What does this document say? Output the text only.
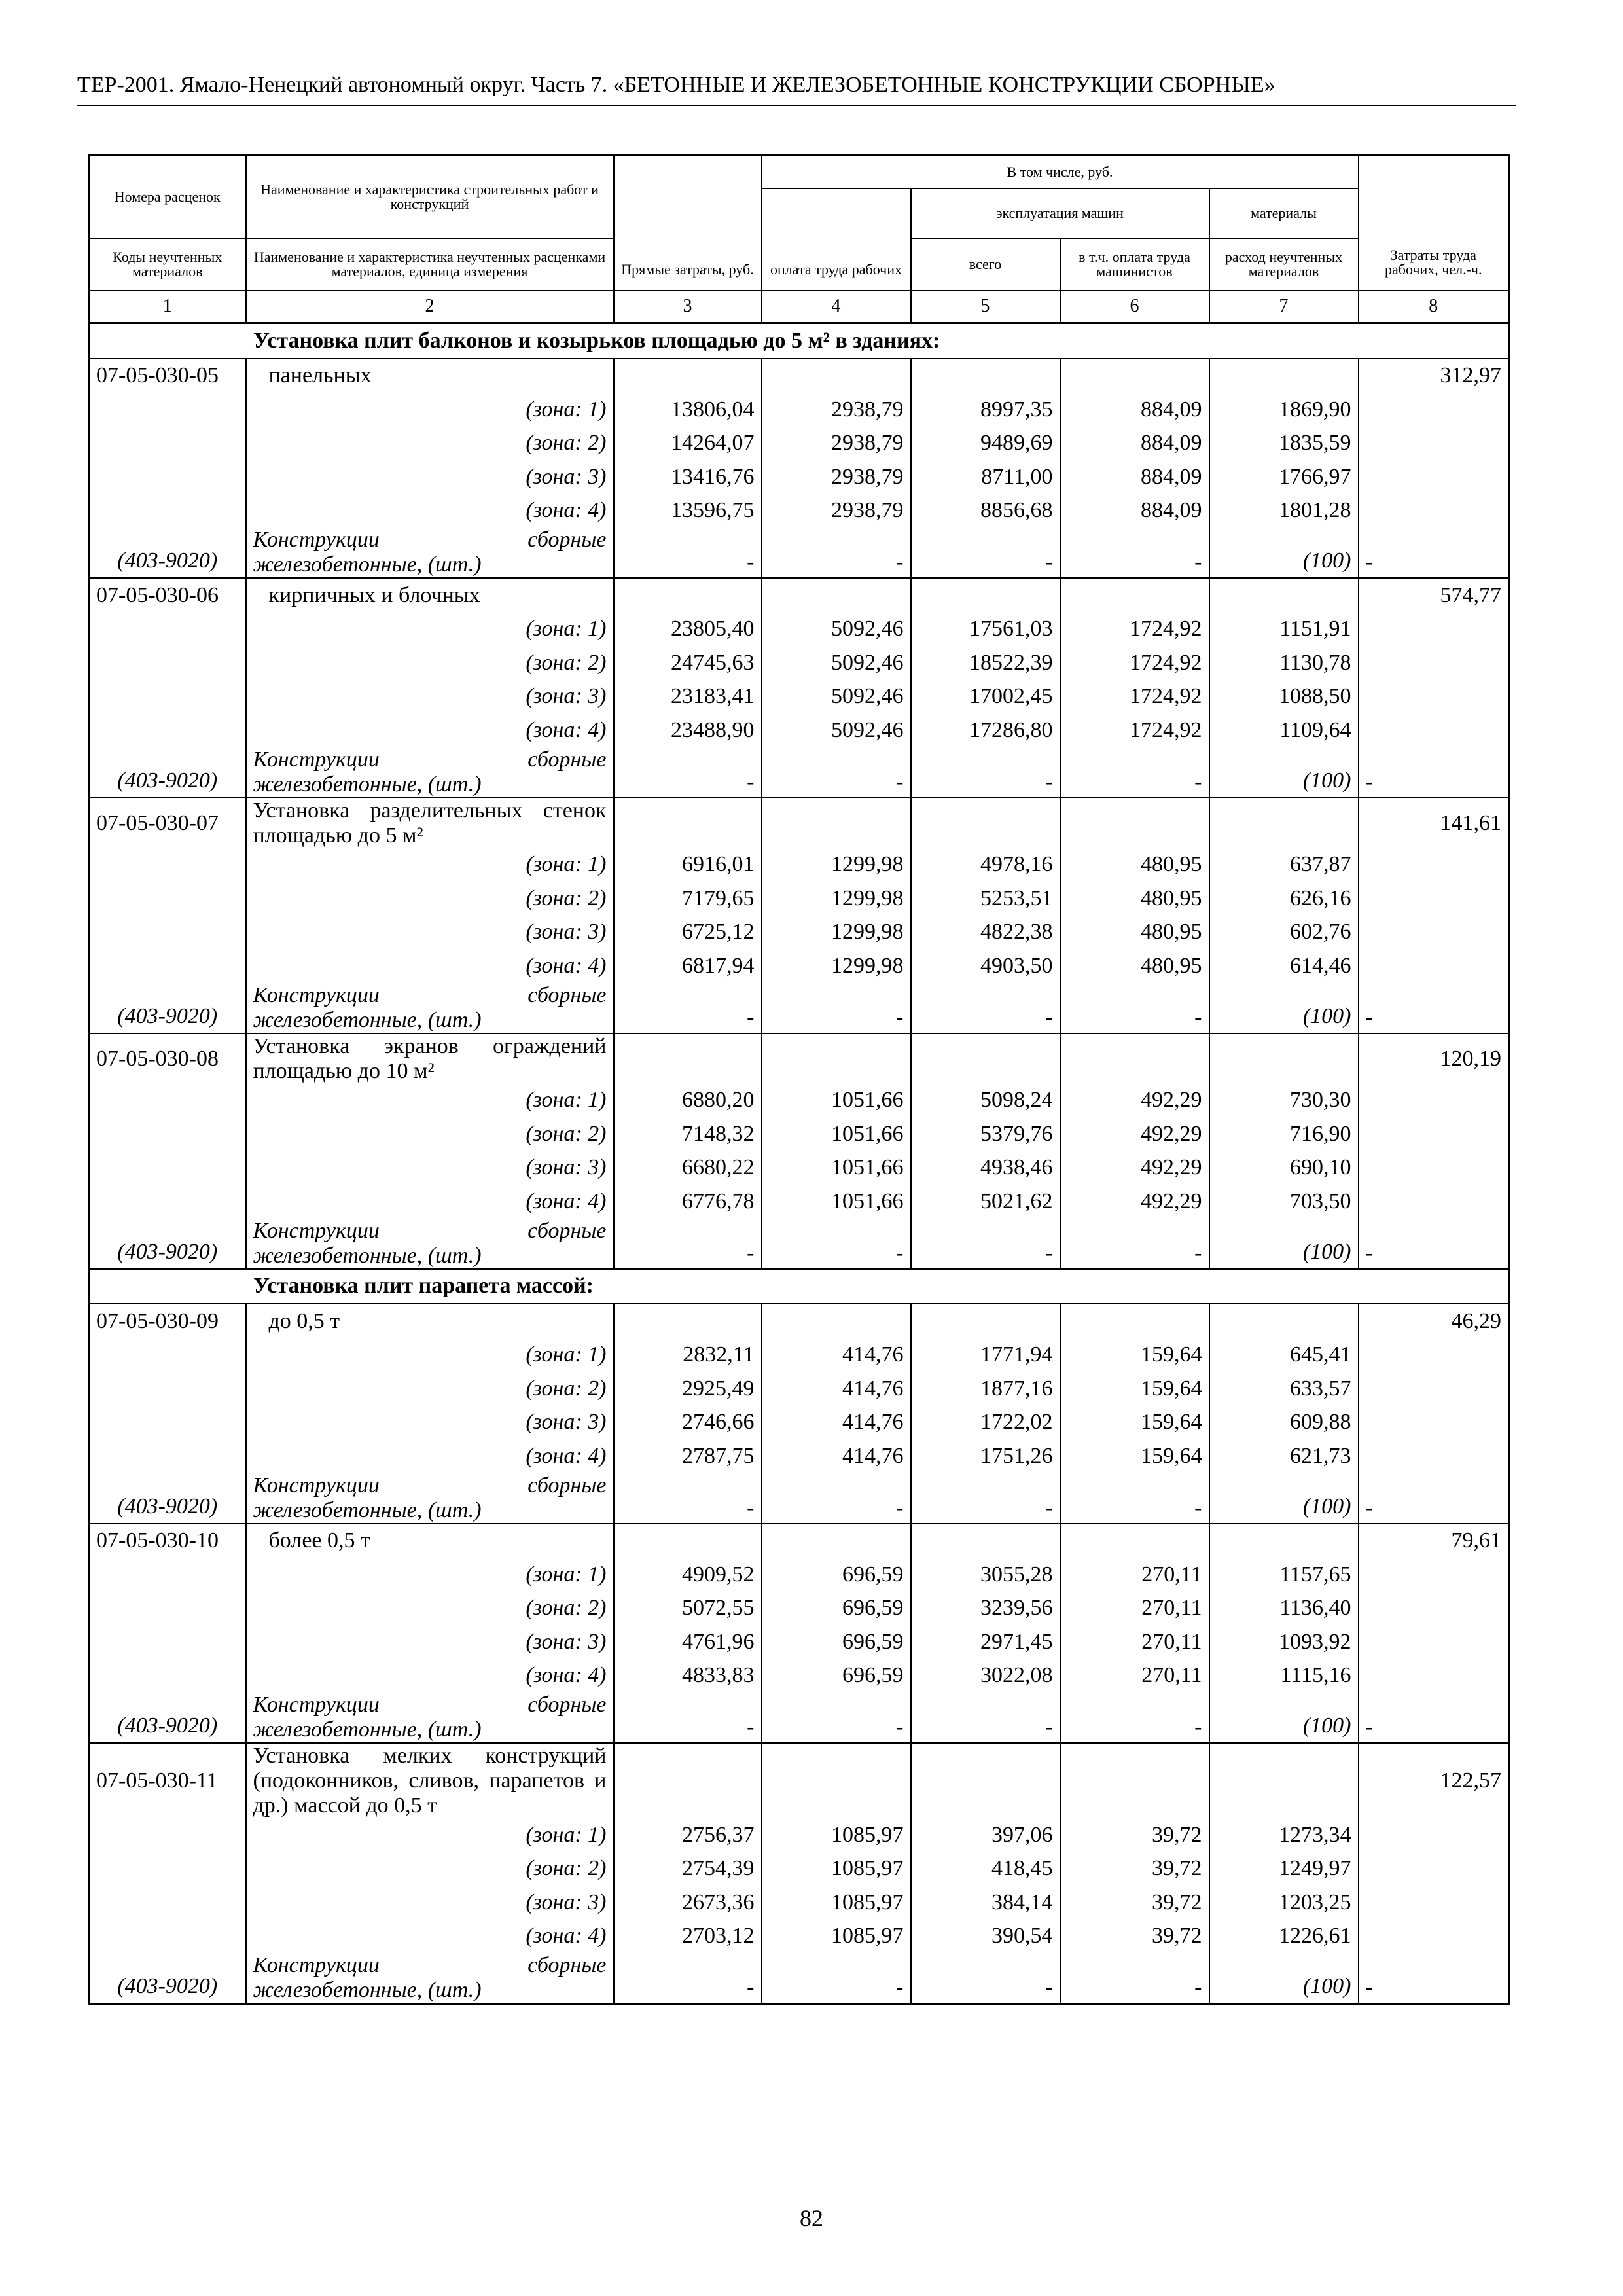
ТЕР-2001. Ямало-Ненецкий автономный округ. Часть 7. «БЕТОННЫЕ И ЖЕЛЕЗОБЕТОННЫЕ КОНСТРУКЦИИ СБОРНЫЕ»
Номера расценок	Наименование и характеристика строительных работ и конструкций	Прямые затраты, руб.	В том числе, руб.				Затраты труда рабочих, чел.-ч.
			оплата труда рабочих	эксплуатация машин		материалы	
Коды неучтенных материалов	Наименование и характеристика неучтенных расценками материалов, единица измерения			всего	в т.ч. оплата труда машинистов	расход неучтенных материалов	

1	2	3	4	5	6	7	8
Установка плит балконов и козырьков площадью до 5 м² в зданиях:							
07-05-030-05	панельных						312,97
	(зона: 1)	13806,04	2938,79	8997,35	884,09	1869,90	
	(зона: 2)	14264,07	2938,79	9489,69	884,09	1835,59	
	(зона: 3)	13416,76	2938,79	8711,00	884,09	1766,97	
	(зона: 4)	13596,75	2938,79	8856,68	884,09	1801,28	
(403-9020)	Конструкции сборные железобетонные, (шт.)	-	-	-	-	(100)	-
07-05-030-06	кирпичных и блочных						574,77
	(зона: 1)	23805,40	5092,46	17561,03	1724,92	1151,91	
	(зона: 2)	24745,63	5092,46	18522,39	1724,92	1130,78	
	(зона: 3)	23183,41	5092,46	17002,45	1724,92	1088,50	
	(зона: 4)	23488,90	5092,46	17286,80	1724,92	1109,64	
(403-9020)	Конструкции сборные железобетонные, (шт.)	-	-	-	-	(100)	-
07-05-030-07	Установка разделительных стенок площадью до 5 м²						141,61
	(зона: 1)	6916,01	1299,98	4978,16	480,95	637,87	
	(зона: 2)	7179,65	1299,98	5253,51	480,95	626,16	
	(зона: 3)	6725,12	1299,98	4822,38	480,95	602,76	
	(зона: 4)	6817,94	1299,98	4903,50	480,95	614,46	
(403-9020)	Конструкции сборные железобетонные, (шт.)	-	-	-	-	(100)	-
07-05-030-08	Установка экранов ограждений площадью до 10 м²						120,19
	(зона: 1)	6880,20	1051,66	5098,24	492,29	730,30	
	(зона: 2)	7148,32	1051,66	5379,76	492,29	716,90	
	(зона: 3)	6680,22	1051,66	4938,46	492,29	690,10	
	(зона: 4)	6776,78	1051,66	5021,62	492,29	703,50	
(403-9020)	Конструкции сборные железобетонные, (шт.)	-	-	-	-	(100)	-
Установка плит парапета массой:							
07-05-030-09	до 0,5 т						46,29
	(зона: 1)	2832,11	414,76	1771,94	159,64	645,41	
	(зона: 2)	2925,49	414,76	1877,16	159,64	633,57	
	(зона: 3)	2746,66	414,76	1722,02	159,64	609,88	
	(зона: 4)	2787,75	414,76	1751,26	159,64	621,73	
(403-9020)	Конструкции сборные железобетонные, (шт.)	-	-	-	-	(100)	-
07-05-030-10	более 0,5 т						79,61
	(зона: 1)	4909,52	696,59	3055,28	270,11	1157,65	
	(зона: 2)	5072,55	696,59	3239,56	270,11	1136,40	
	(зона: 3)	4761,96	696,59	2971,45	270,11	1093,92	
	(зона: 4)	4833,83	696,59	3022,08	270,11	1115,16	
(403-9020)	Конструкции сборные железобетонные, (шт.)	-	-	-	-	(100)	-
07-05-030-11	Установка мелких конструкций (подоконников, сливов, парапетов и др.) массой до 0,5 т						122,57
	(зона: 1)	2756,37	1085,97	397,06	39,72	1273,34	
	(зона: 2)	2754,39	1085,97	418,45	39,72	1249,97	
	(зона: 3)	2673,36	1085,97	384,14	39,72	1203,25	
	(зона: 4)	2703,12	1085,97	390,54	39,72	1226,61	
(403-9020)	Конструкции сборные железобетонные, (шт.)	-	-	-	-	(100)	-
82
